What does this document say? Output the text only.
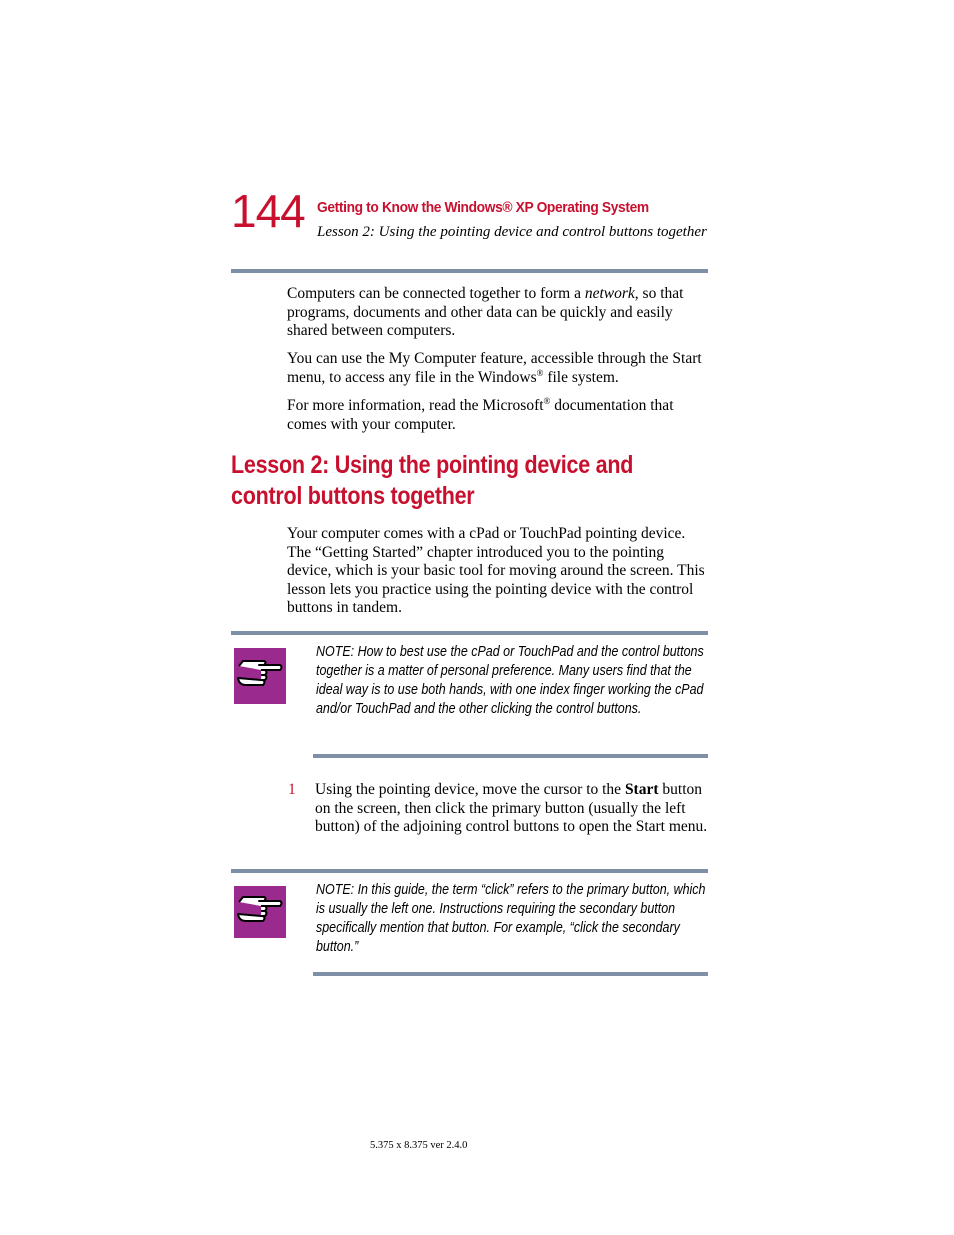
144 Getting to Know the Windows® XP Operating System
Lesson 2: Using the pointing device and control buttons together
Computers can be connected together to form a network, so that programs, documents and other data can be quickly and easily shared between computers.
You can use the My Computer feature, accessible through the Start menu, to access any file in the Windows® file system.
For more information, read the Microsoft® documentation that comes with your computer.
Lesson 2: Using the pointing device and control buttons together
Your computer comes with a cPad or TouchPad pointing device. The “Getting Started” chapter introduced you to the pointing device, which is your basic tool for moving around the screen. This lesson lets you practice using the pointing device with the control buttons in tandem.
NOTE: How to best use the cPad or TouchPad and the control buttons together is a matter of personal preference. Many users find that the ideal way is to use both hands, with one index finger working the cPad and/or TouchPad and the other clicking the control buttons.
1 Using the pointing device, move the cursor to the Start button on the screen, then click the primary button (usually the left button) of the adjoining control buttons to open the Start menu.
NOTE: In this guide, the term “click” refers to the primary button, which is usually the left one. Instructions requiring the secondary button specifically mention that button. For example, “click the secondary button.”
5.375 x 8.375 ver 2.4.0
